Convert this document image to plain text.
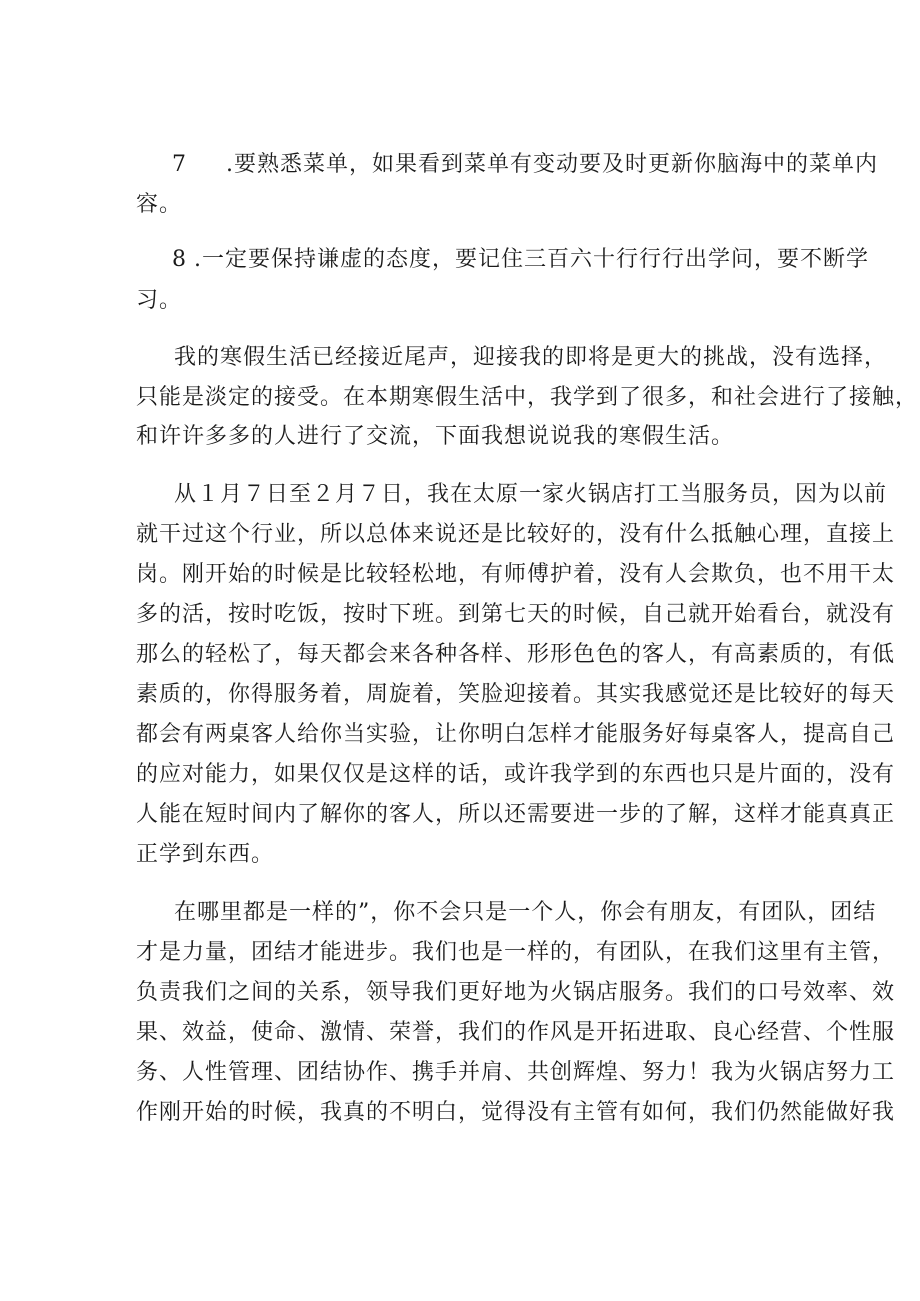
7 .要熟悉菜单，如果看到菜单有变动要及时更新你脑海中的菜单内
容。
8 .一定要保持谦虚的态度，要记住三百六十行行行出学问，要不断学
习。
我的寒假生活已经接近尾声，迎接我的即将是更大的挑战，没有选择，
只能是淡定的接受。在本期寒假生活中，我学到了很多，和社会进行了接触，
和许许多多的人进行了交流，下面我想说说我的寒假生活。
从１月７日至２月７日，我在太原一家火锅店打工当服务员，因为以前
就干过这个行业，所以总体来说还是比较好的，没有什么抵触心理，直接上
岗。刚开始的时候是比较轻松地，有师傅护着，没有人会欺负，也不用干太
多的活，按时吃饭，按时下班。到第七天的时候，自己就开始看台，就没有
那么的轻松了，每天都会来各种各样、形形色色的客人，有高素质的，有低
素质的，你得服务着，周旋着，笑脸迎接着。其实我感觉还是比较好的每天
都会有两桌客人给你当实验，让你明白怎样才能服务好每桌客人，提高自己
的应对能力，如果仅仅是这样的话，或许我学到的东西也只是片面的，没有
人能在短时间内了解你的客人，所以还需要进一步的了解，这样才能真真正
正学到东西。
在哪里都是一样的”，你不会只是一个人，你会有朋友，有团队，团结
才是力量，团结才能进步。我们也是一样的，有团队，在我们这里有主管，
负责我们之间的关系，领导我们更好地为火锅店服务。我们的口号效率、效
果、效益，使命、激情、荣誉，我们的作风是开拓进取、良心经营、个性服
务、人性管理、团结协作、携手并肩、共创辉煌、努力！我为火锅店努力工
作刚开始的时候，我真的不明白，觉得没有主管有如何，我们仍然能做好我
